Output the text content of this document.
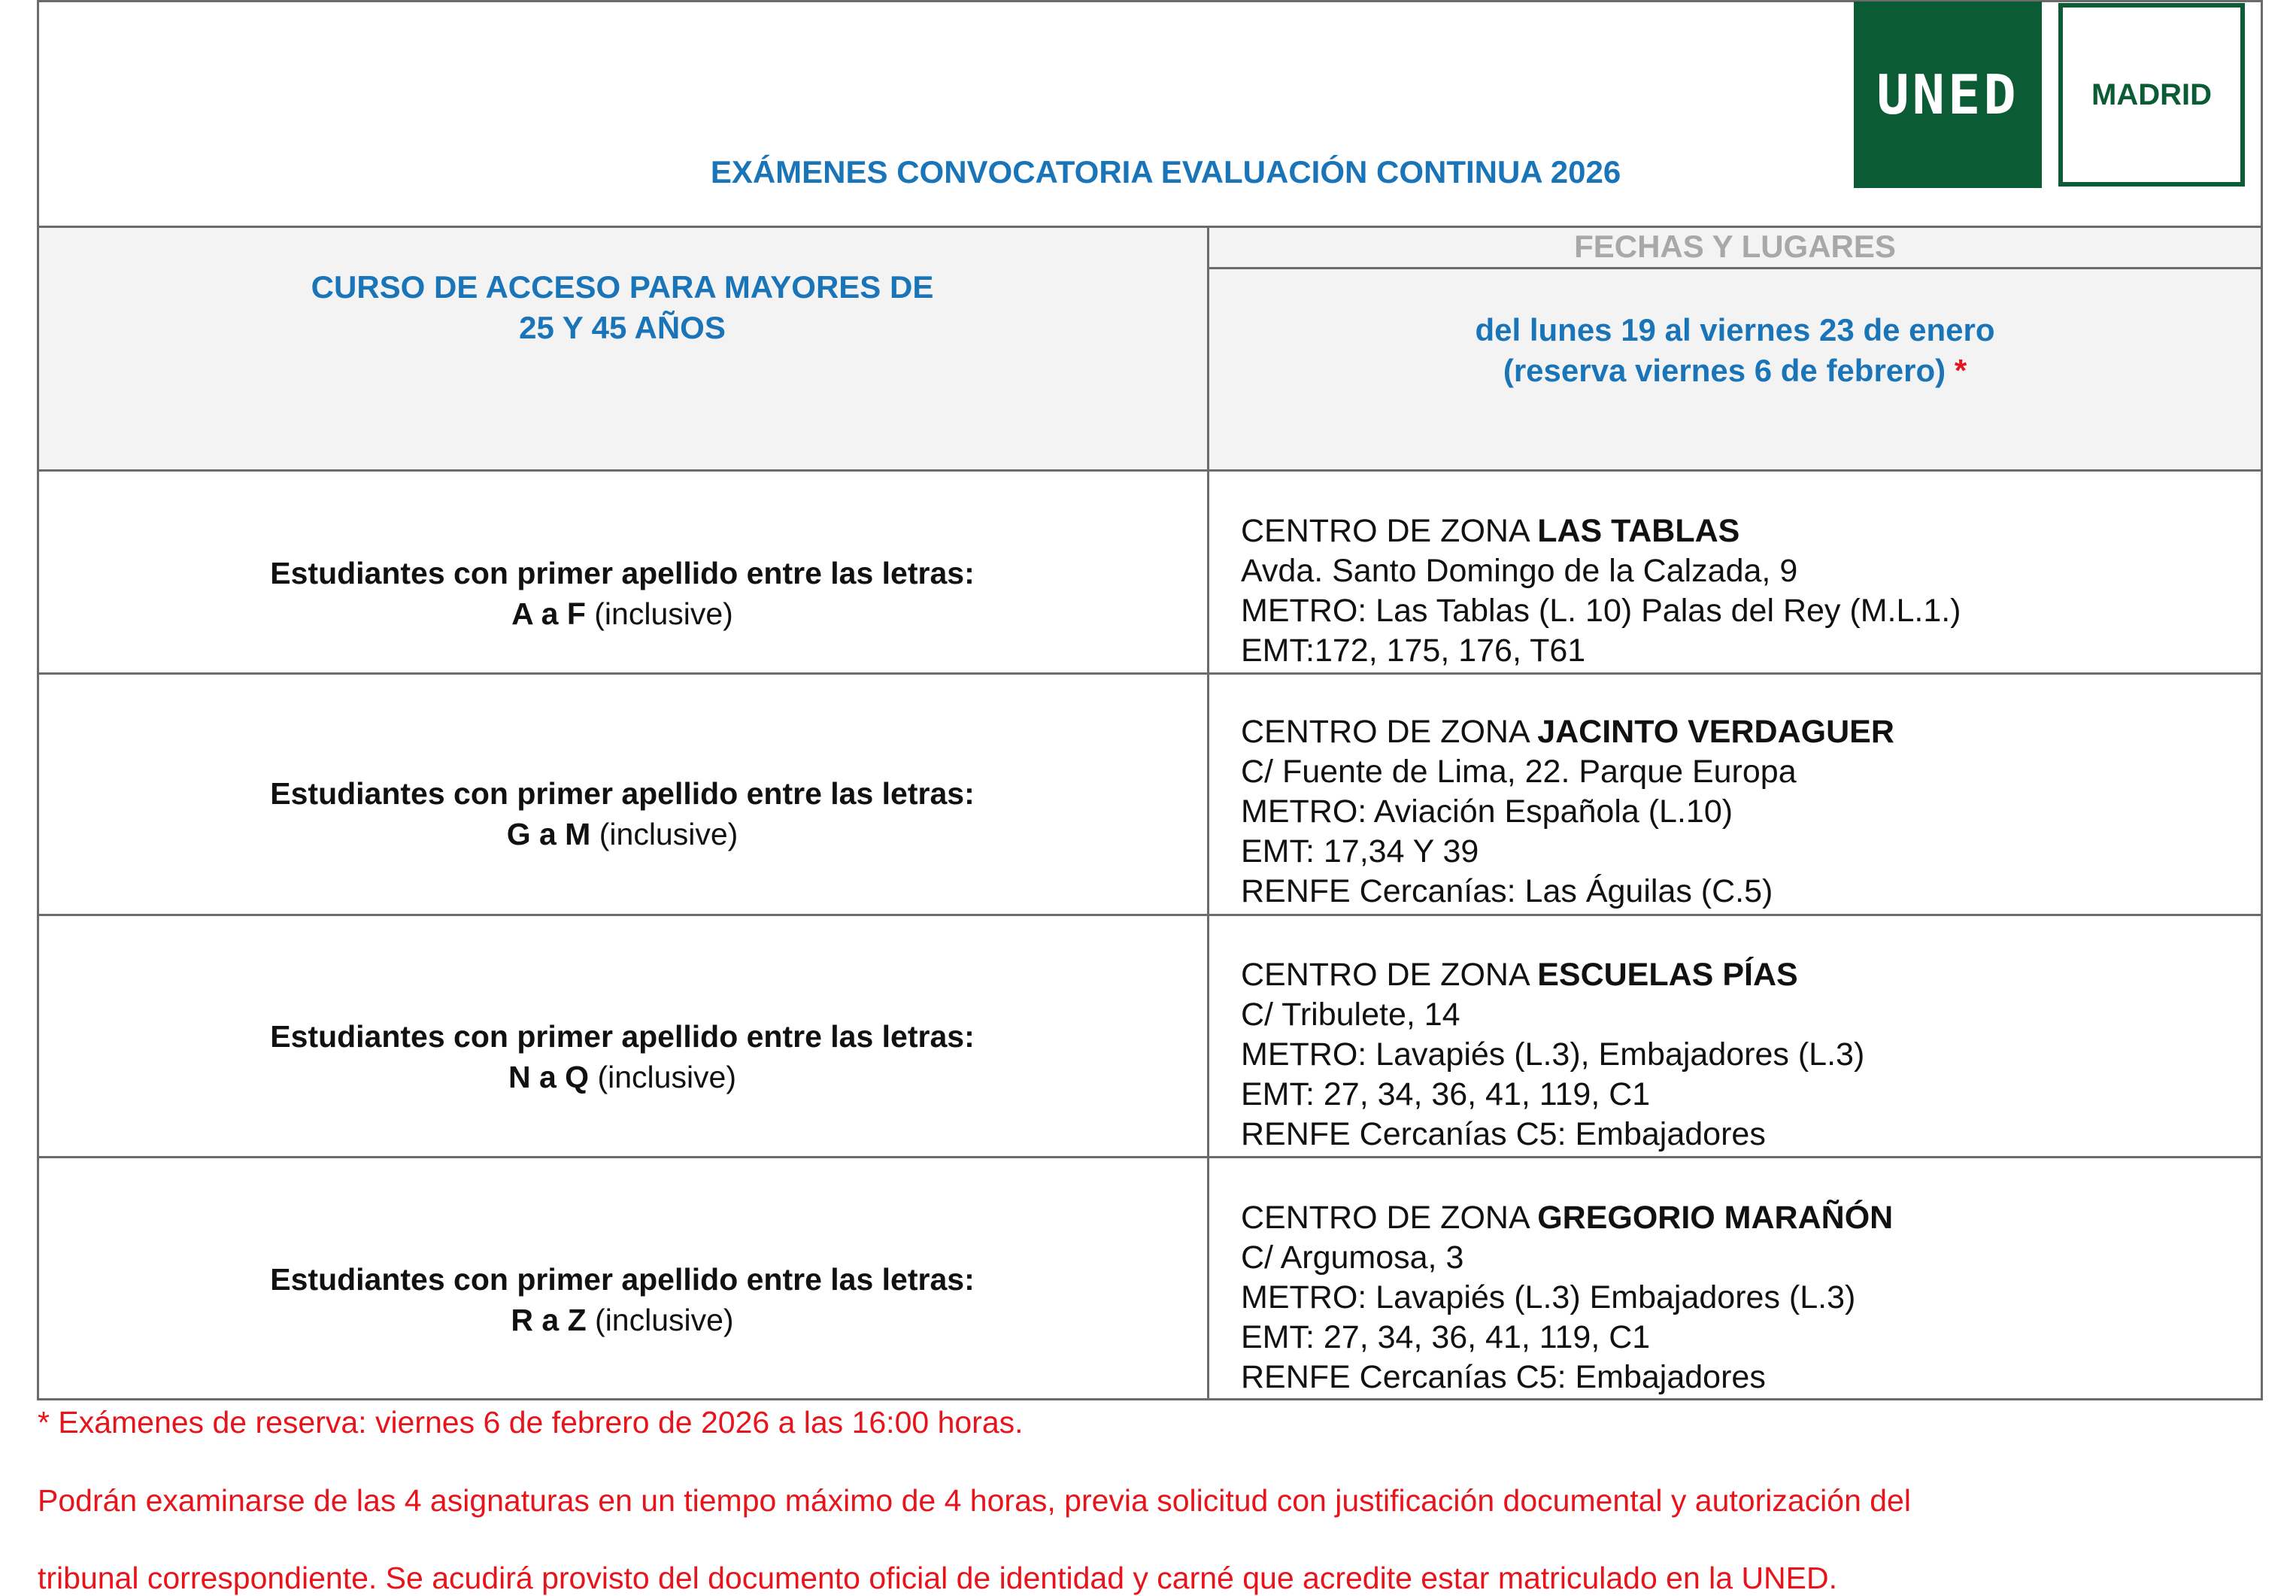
UNED MADRID
EXÁMENES CONVOCATORIA EVALUACIÓN CONTINUA 2026
CURSO DE ACCESO PARA MAYORES DE
25 Y 45 AÑOS
FECHAS Y LUGARES
del lunes 19 al viernes 23 de enero
(reserva viernes 6 de febrero) *
Estudiantes con primer apellido entre las letras:
A a F (inclusive)
CENTRO DE ZONA LAS TABLAS
Avda. Santo Domingo de la Calzada, 9
METRO: Las Tablas (L. 10) Palas del Rey (M.L.1.)
EMT:172, 175, 176, T61
Estudiantes con primer apellido entre las letras:
G a M (inclusive)
CENTRO DE ZONA JACINTO VERDAGUER
C/ Fuente de Lima, 22. Parque Europa
METRO: Aviación Española (L.10)
EMT: 17,34 Y 39
RENFE Cercanías: Las Águilas (C.5)
Estudiantes con primer apellido entre las letras:
N a Q (inclusive)
CENTRO DE ZONA ESCUELAS PÍAS
C/ Tribulete, 14
METRO: Lavapiés (L.3), Embajadores (L.3)
EMT: 27, 34, 36, 41, 119, C1
RENFE Cercanías C5: Embajadores
Estudiantes con primer apellido entre las letras:
R a Z (inclusive)
CENTRO DE ZONA GREGORIO MARAÑÓN
C/ Argumosa, 3
METRO: Lavapiés (L.3) Embajadores (L.3)
EMT: 27, 34, 36, 41, 119, C1
RENFE Cercanías C5: Embajadores
* Exámenes de reserva: viernes 6 de febrero de 2026 a las 16:00 horas.
Podrán examinarse de las 4 asignaturas en un tiempo máximo de 4 horas, previa solicitud con justificación documental y autorización del
tribunal correspondiente. Se acudirá provisto del documento oficial de identidad y carné que acredite estar matriculado en la UNED.
